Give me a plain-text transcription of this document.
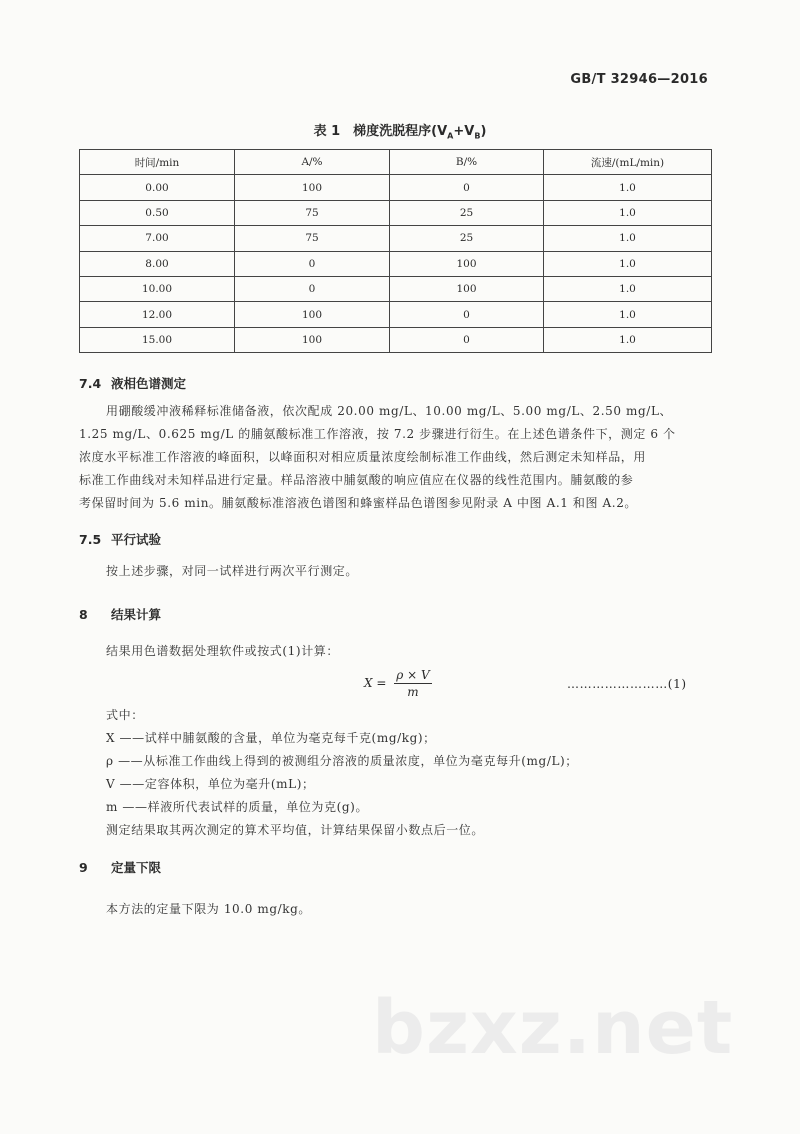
GB/T 32946—2016
表 1　梯度洗脱程序$(V_A+V_B)$
时间/min	A/%	B/%	流速/(mL/min)
0.00	100	0	1.0
0.50	75	25	1.0
7.00	75	25	1.0
8.00	0	100	1.0
10.00	0	100	1.0
12.00	100	0	1.0
15.00	100	0	1.0
7.4 液相色谱测定
用硼酸缓冲液稀释标准储备液，依次配成 20.00 mg/L、10.00 mg/L、5.00 mg/L、2.50 mg/L、
1.25 mg/L、0.625 mg/L 的脯氨酸标准工作溶液，按 7.2 步骤进行衍生。在上述色谱条件下，测定 6 个
浓度水平标准工作溶液的峰面积，以峰面积对相应质量浓度绘制标准工作曲线，然后测定未知样品，用
标准工作曲线对未知样品进行定量。样品溶液中脯氨酸的响应值应在仪器的线性范围内。脯氨酸的参
考保留时间为 5.6 min。脯氨酸标准溶液色谱图和蜂蜜样品色谱图参见附录 A 中图 A.1 和图 A.2。
7.5 平行试验
按上述步骤，对同一试样进行两次平行测定。
8 结果计算
结果用色谱数据处理软件或按式(1)计算：
$X = \frac{\rho \times V}{m}$	……………………(1)
式中：
X ——试样中脯氨酸的含量，单位为毫克每千克(mg/kg)；
ρ ——从标准工作曲线上得到的被测组分溶液的质量浓度，单位为毫克每升(mg/L)；
V ——定容体积，单位为毫升(mL)；
m ——样液所代表试样的质量，单位为克(g)。
测定结果取其两次测定的算术平均值，计算结果保留小数点后一位。
9 定量下限
本方法的定量下限为 10.0 mg/kg。
bzxz.net
